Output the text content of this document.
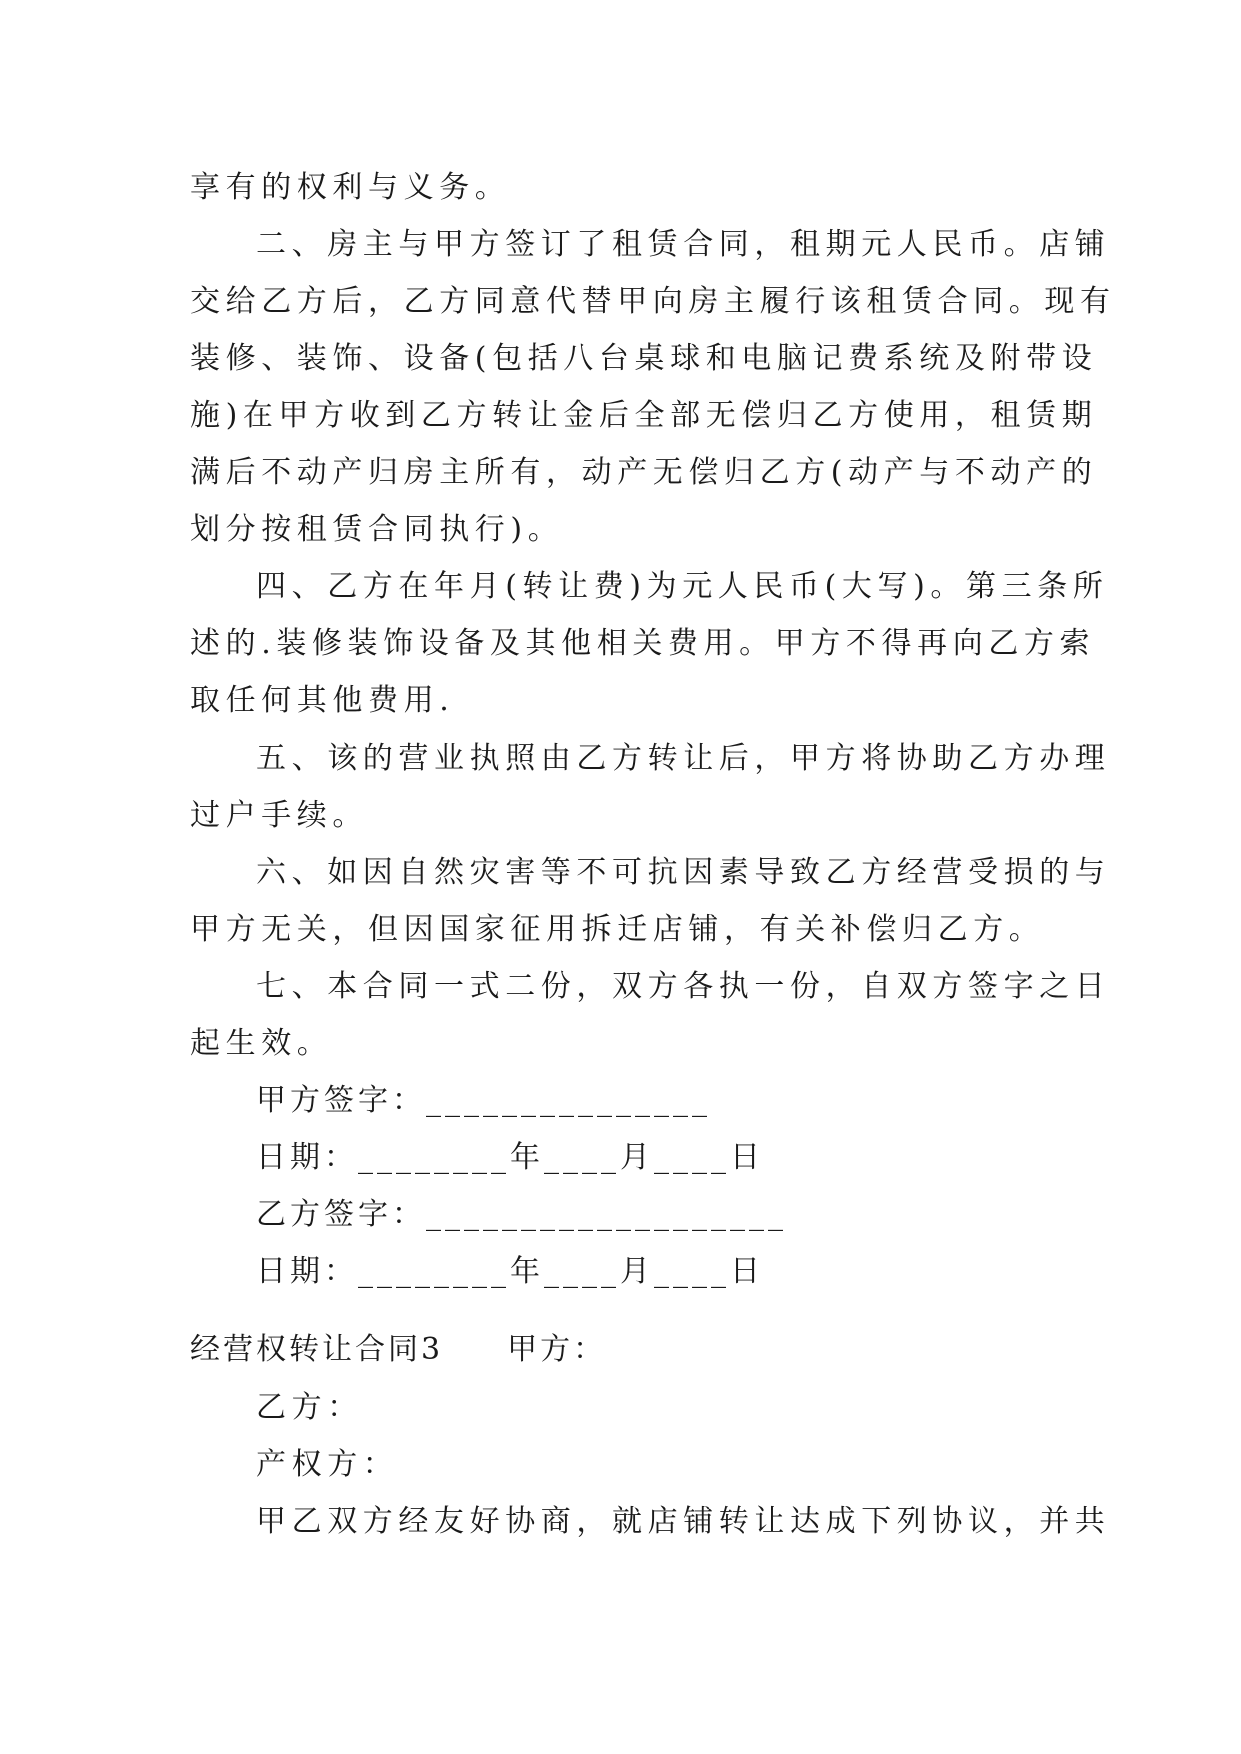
享有的权利与义务。
二、房主与甲方签订了租赁合同，租期元人民币。店铺
交给乙方后，乙方同意代替甲向房主履行该租赁合同。现有
装修、装饰、设备(包括八台桌球和电脑记费系统及附带设
施)在甲方收到乙方转让金后全部无偿归乙方使用，租赁期
满后不动产归房主所有，动产无偿归乙方(动产与不动产的
划分按租赁合同执行)。
四、乙方在年月(转让费)为元人民币(大写)。第三条所
述的.装修装饰设备及其他相关费用。甲方不得再向乙方索
取任何其他费用.
五、该的营业执照由乙方转让后，甲方将协助乙方办理
过户手续。
六、如因自然灾害等不可抗因素导致乙方经营受损的与
甲方无关，但因国家征用拆迁店铺，有关补偿归乙方。
七、本合同一式二份，双方各执一份，自双方签字之日
起生效。
甲方签字：_______________
日期：________年____月____日
乙方签字：___________________
日期：________年____月____日
经营权转让合同3 甲方：
乙方：
产权方：
甲乙双方经友好协商，就店铺转让达成下列协议，并共
